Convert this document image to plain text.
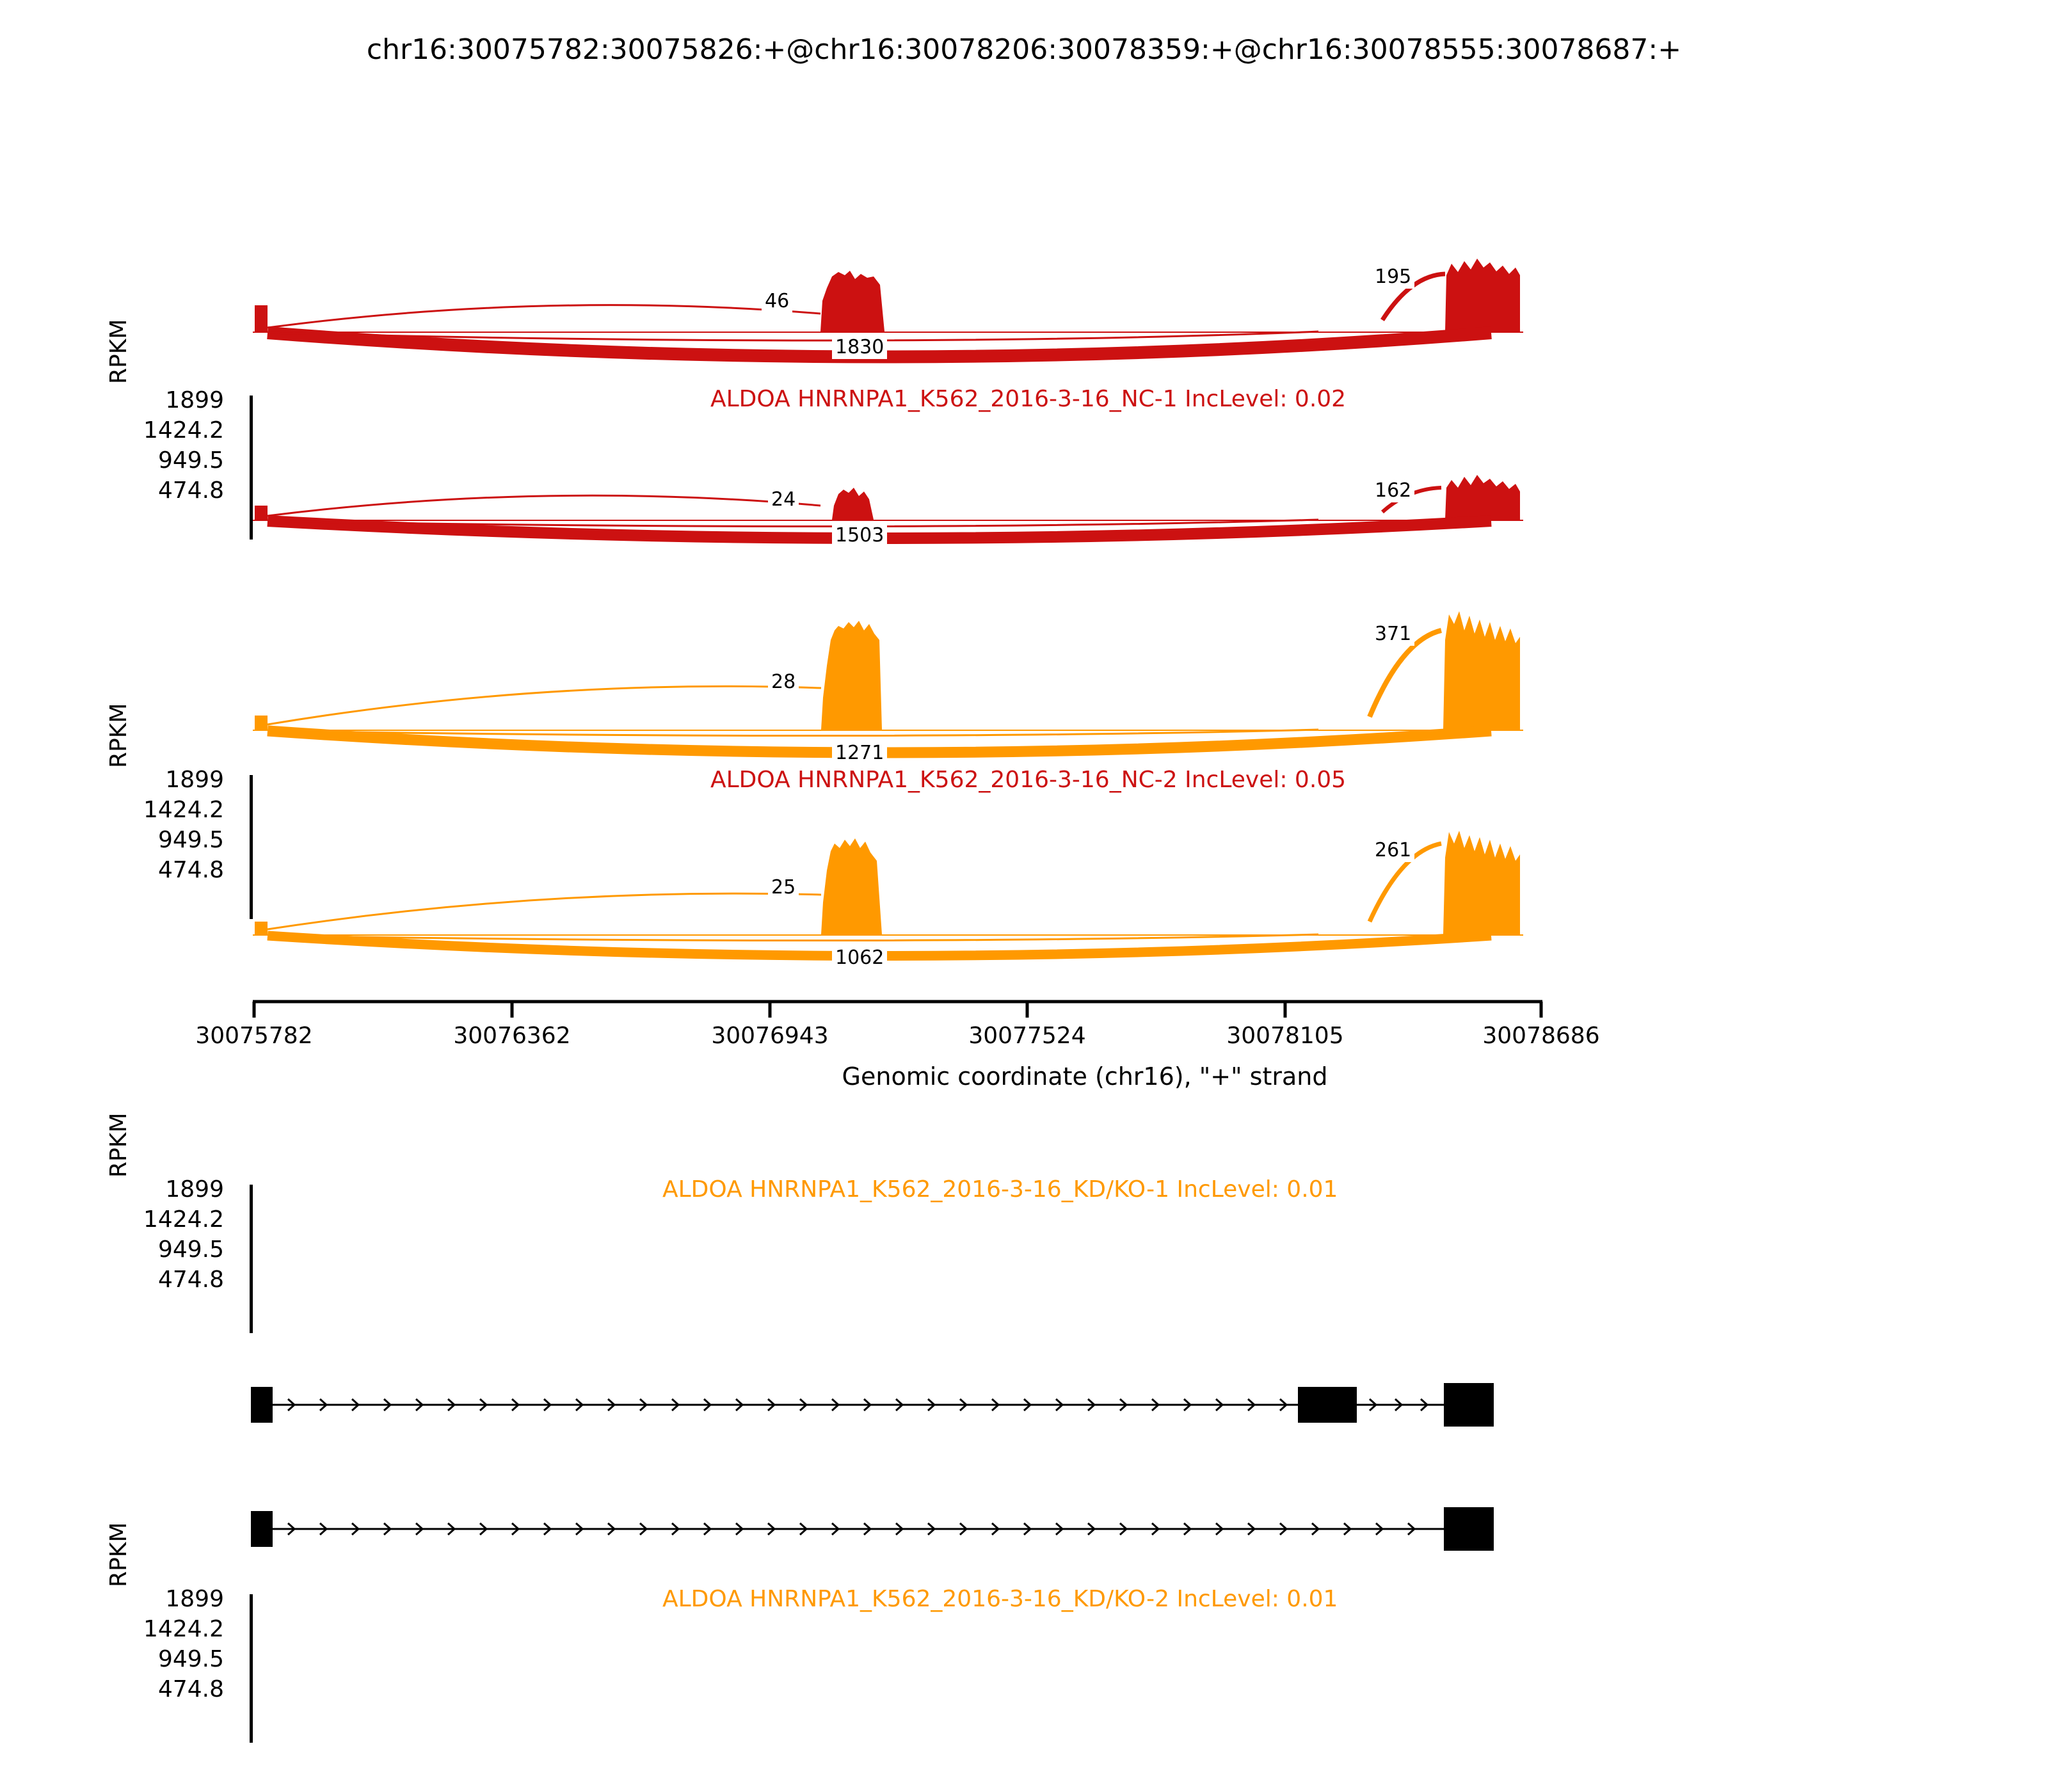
chr16:30075782:30075826:+@chr16:30078206:30078359:+@chr16:30078555:30078687:+
RPKM
1899
1424.2
949.5
474.8
ALDOA HNRNPA1_K562_2016-3-16_NC-1 IncLevel: 0.02
46
195
1830
RPKM
1899
1424.2
949.5
474.8
ALDOA HNRNPA1_K562_2016-3-16_NC-2 IncLevel: 0.05
24	162
1503
RPKM
1899
1424.2
949.5
474.8
ALDOA HNRNPA1_K562_2016-3-16_KD/KO-1 IncLevel: 0.01
28
371
1271
RPKM
1899
1424.2
949.5
474.8
ALDOA HNRNPA1_K562_2016-3-16_KD/KO-2 IncLevel: 0.01
25
261
1062
30075782	30076362	30076943	30077524	30078105	30078686
Genomic coordinate (chr16), "+" strand
